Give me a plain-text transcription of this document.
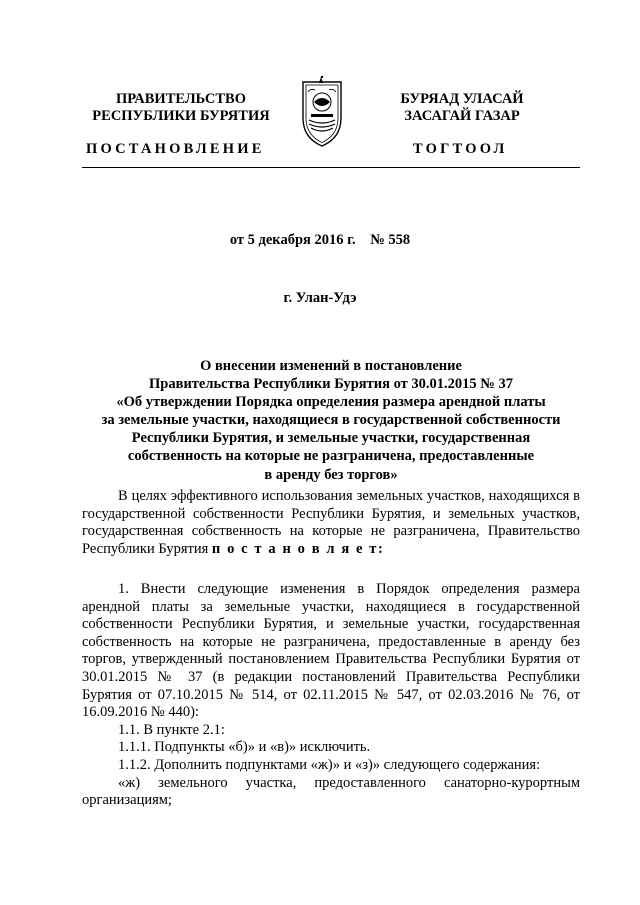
ПРАВИТЕЛЬСТВО
РЕСПУБЛИКИ БУРЯТИЯ
БУРЯАД УЛАСАЙ
ЗАСАГАЙ ГАЗАР
ПОСТАНОВЛЕНИЕ	ТОГТООЛ
от 5 декабря 2016 г. № 558
г. Улан-Удэ
О внесении изменений в постановление
Правительства Республики Бурятия от 30.01.2015 № 37
«Об утверждении Порядка определения размера арендной платы
за земельные участки, находящиеся в государственной собственности
Республики Бурятия, и земельные участки, государственная
собственность на которые не разграничена, предоставленные
в аренду без торгов»

В целях эффективного использования земельных участков, находящихся в государственной собственности Республики Бурятия, и земельных участков, государственная собственность на которые не разграничена, Правительство Республики Бурятия п о с т а н о в л я е т:

1. Внести следующие изменения в Порядок определения размера арендной платы за земельные участки, находящиеся в государственной собственности Республики Бурятия, и земельные участки, государственная собственность на которые не разграничена, предоставленные в аренду без торгов, утвержденный постановлением Правительства Республики Бурятия от 30.01.2015 № 37 (в редакции постановлений Правительства Республики Бурятия от 07.10.2015 № 514, от 02.11.2015 № 547, от 02.03.2016 № 76, от 16.09.2016 № 440):

1.1. В пункте 2.1:

1.1.1. Подпункты «б)» и «в)» исключить.

1.1.2. Дополнить подпунктами «ж)» и «з)» следующего содержания:

«ж) земельного участка, предоставленного санаторно-курортным организациям;
